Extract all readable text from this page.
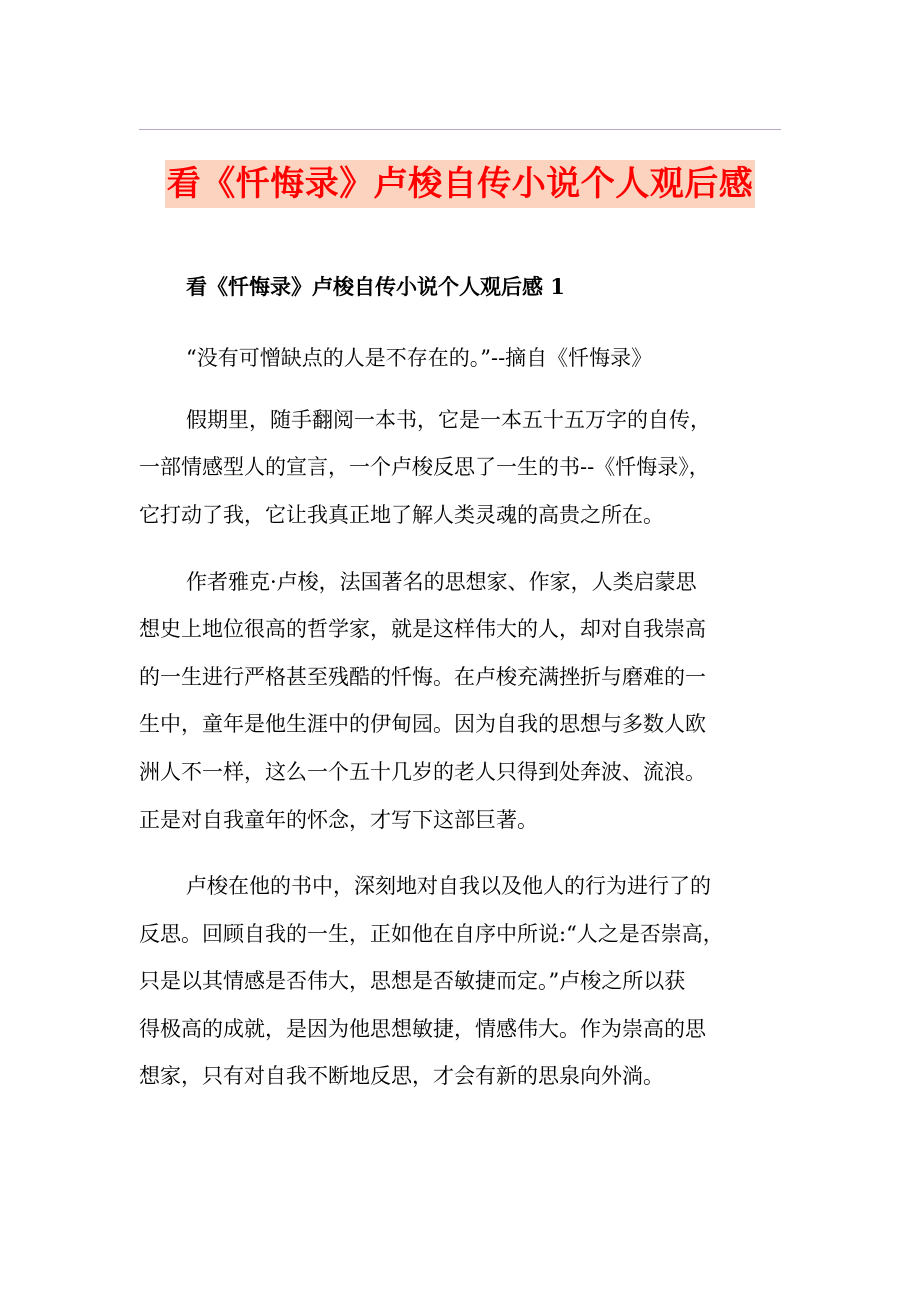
看《忏悔录》卢梭自传小说个人观后感
看《忏悔录》卢梭自传小说个人观后感 1
“没有可憎缺点的人是不存在的。”--摘自《忏悔录》
假期里，随手翻阅一本书，它是一本五十五万字的自传，
一部情感型人的宣言，一个卢梭反思了一生的书--《忏悔录》，
它打动了我，它让我真正地了解人类灵魂的高贵之所在。
作者雅克·卢梭，法国著名的思想家、作家，人类启蒙思
想史上地位很高的哲学家，就是这样伟大的人，却对自我崇高
的一生进行严格甚至残酷的忏悔。在卢梭充满挫折与磨难的一
生中，童年是他生涯中的伊甸园。因为自我的思想与多数人欧
洲人不一样，这么一个五十几岁的老人只得到处奔波、流浪。
正是对自我童年的怀念，才写下这部巨著。
卢梭在他的书中，深刻地对自我以及他人的行为进行了的
反思。回顾自我的一生，正如他在自序中所说:“人之是否崇高，
只是以其情感是否伟大，思想是否敏捷而定。”卢梭之所以获
得极高的成就，是因为他思想敏捷，情感伟大。作为崇高的思
想家，只有对自我不断地反思，才会有新的思泉向外淌。
